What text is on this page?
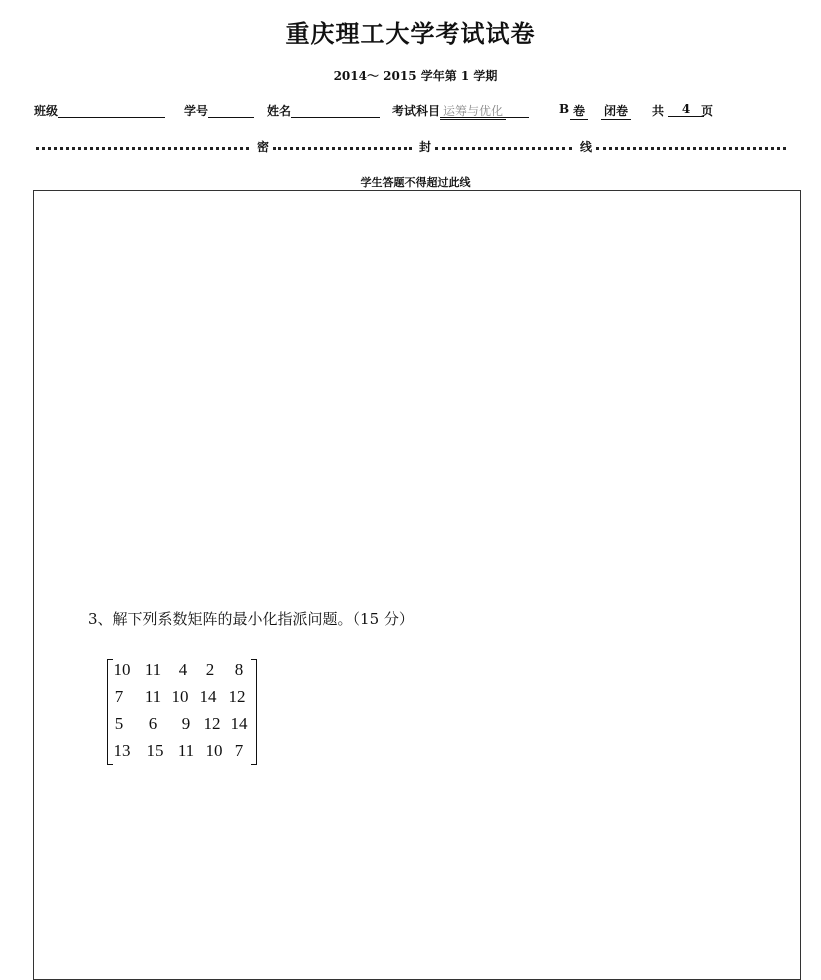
重庆理工大学考试试卷
2014～ 2015 学年第 1 学期
班级	学号	姓名	考试科目 运筹与优化	B 卷 闭卷 共	4 页
密	封	线
学生答题不得超过此线
3、解下列系数矩阵的最小化指派问题。（15 分）
10 11	4	2	8
7	11 10 14 12
5	6	9 12 14
13 15 11 10 7
